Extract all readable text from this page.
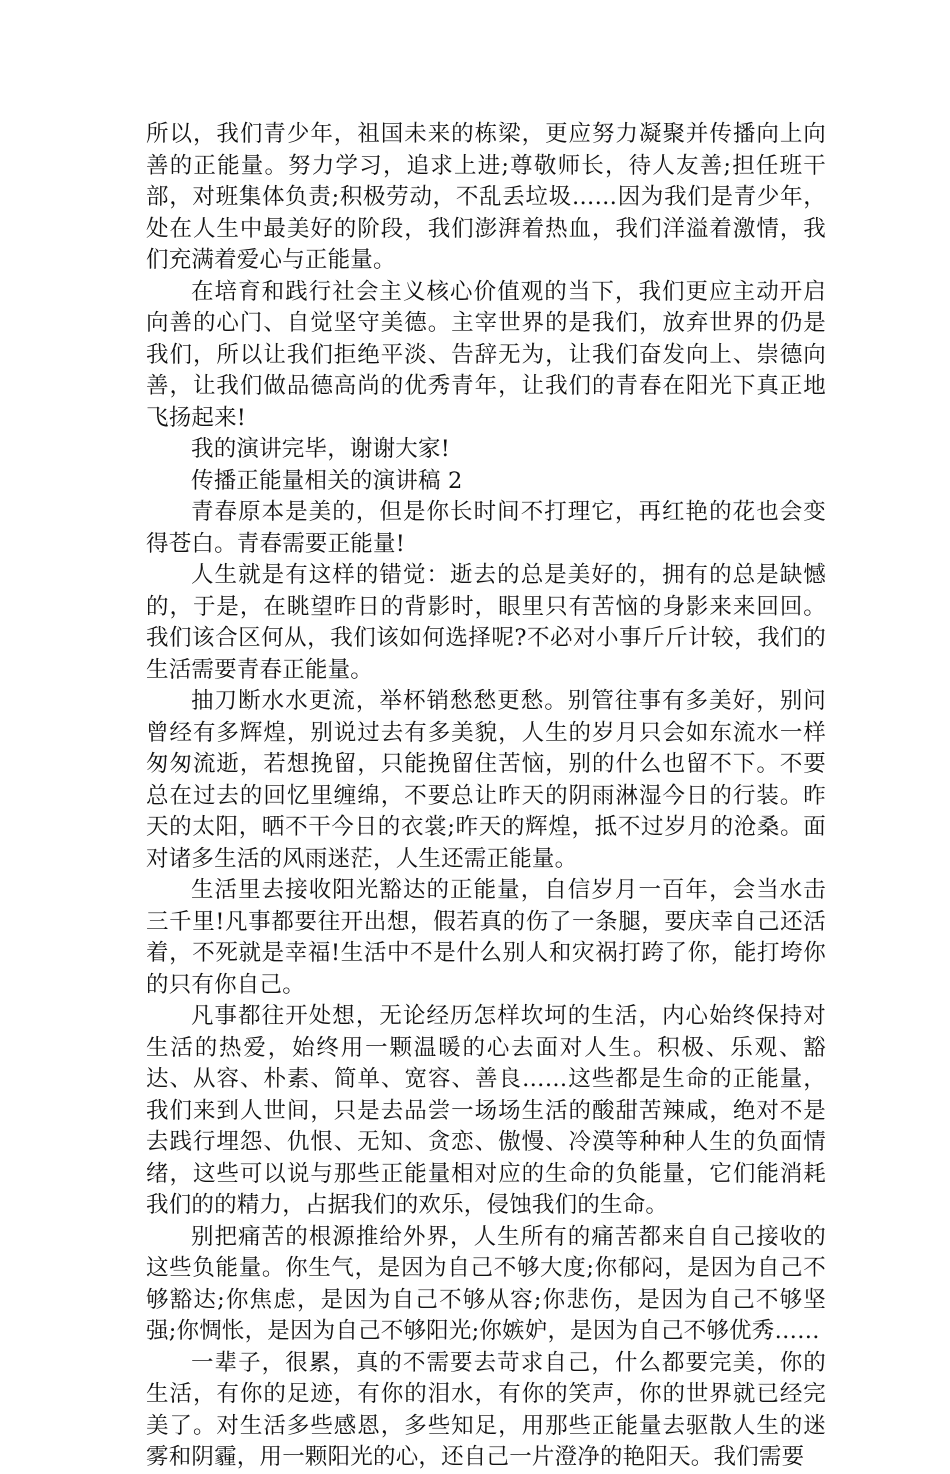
所以，我们青少年，祖国未来的栋梁，更应努力凝聚并传播向上向善的正能量。努力学习，追求上进;尊敬师长，待人友善;担任班干部，对班集体负责;积极劳动，不乱丢垃圾……因为我们是青少年，处在人生中最美好的阶段，我们澎湃着热血，我们洋溢着激情，我们充满着爱心与正能量。

在培育和践行社会主义核心价值观的当下，我们更应主动开启向善的心门、自觉坚守美德。主宰世界的是我们，放弃世界的仍是我们，所以让我们拒绝平淡、告辞无为，让我们奋发向上、崇德向善，让我们做品德高尚的优秀青年，让我们的青春在阳光下真正地飞扬起来!

我的演讲完毕，谢谢大家!

传播正能量相关的演讲稿 2

青春原本是美的，但是你长时间不打理它，再红艳的花也会变得苍白。青春需要正能量!

人生就是有这样的错觉：逝去的总是美好的，拥有的总是缺憾的，于是，在眺望昨日的背影时，眼里只有苦恼的身影来来回回。我们该合区何从，我们该如何选择呢?不必对小事斤斤计较，我们的生活需要青春正能量。

抽刀断水水更流，举杯销愁愁更愁。别管往事有多美好，别问曾经有多辉煌，别说过去有多美貌，人生的岁月只会如东流水一样匆匆流逝，若想挽留，只能挽留住苦恼，别的什么也留不下。不要总在过去的回忆里缠绵，不要总让昨天的阴雨淋湿今日的行装。昨天的太阳，晒不干今日的衣裳;昨天的辉煌，抵不过岁月的沧桑。面对诸多生活的风雨迷茫，人生还需正能量。

生活里去接收阳光豁达的正能量，自信岁月一百年，会当水击三千里!凡事都要往开出想，假若真的伤了一条腿，要庆幸自己还活着，不死就是幸福!生活中不是什么别人和灾祸打跨了你，能打垮你的只有你自己。

凡事都往开处想，无论经历怎样坎坷的生活，内心始终保持对生活的热爱，始终用一颗温暖的心去面对人生。积极、乐观、豁达、从容、朴素、简单、宽容、善良……这些都是生命的正能量，我们来到人世间，只是去品尝一场场生活的酸甜苦辣咸，绝对不是去践行埋怨、仇恨、无知、贪恋、傲慢、冷漠等种种人生的负面情绪，这些可以说与那些正能量相对应的生命的负能量，它们能消耗我们的的精力，占据我们的欢乐，侵蚀我们的生命。

别把痛苦的根源推给外界，人生所有的痛苦都来自自己接收的这些负能量。你生气，是因为自己不够大度;你郁闷，是因为自己不够豁达;你焦虑，是因为自己不够从容;你悲伤，是因为自己不够坚强;你惆怅，是因为自己不够阳光;你嫉妒，是因为自己不够优秀……

一辈子，很累，真的不需要去苛求自己，什么都要完美，你的生活，有你的足迹，有你的泪水，有你的笑声，你的世界就已经完美了。对生活多些感恩，多些知足，用那些正能量去驱散人生的迷雾和阴霾，用一颗阳光的心，还自己一片澄净的艳阳天。我们需要
